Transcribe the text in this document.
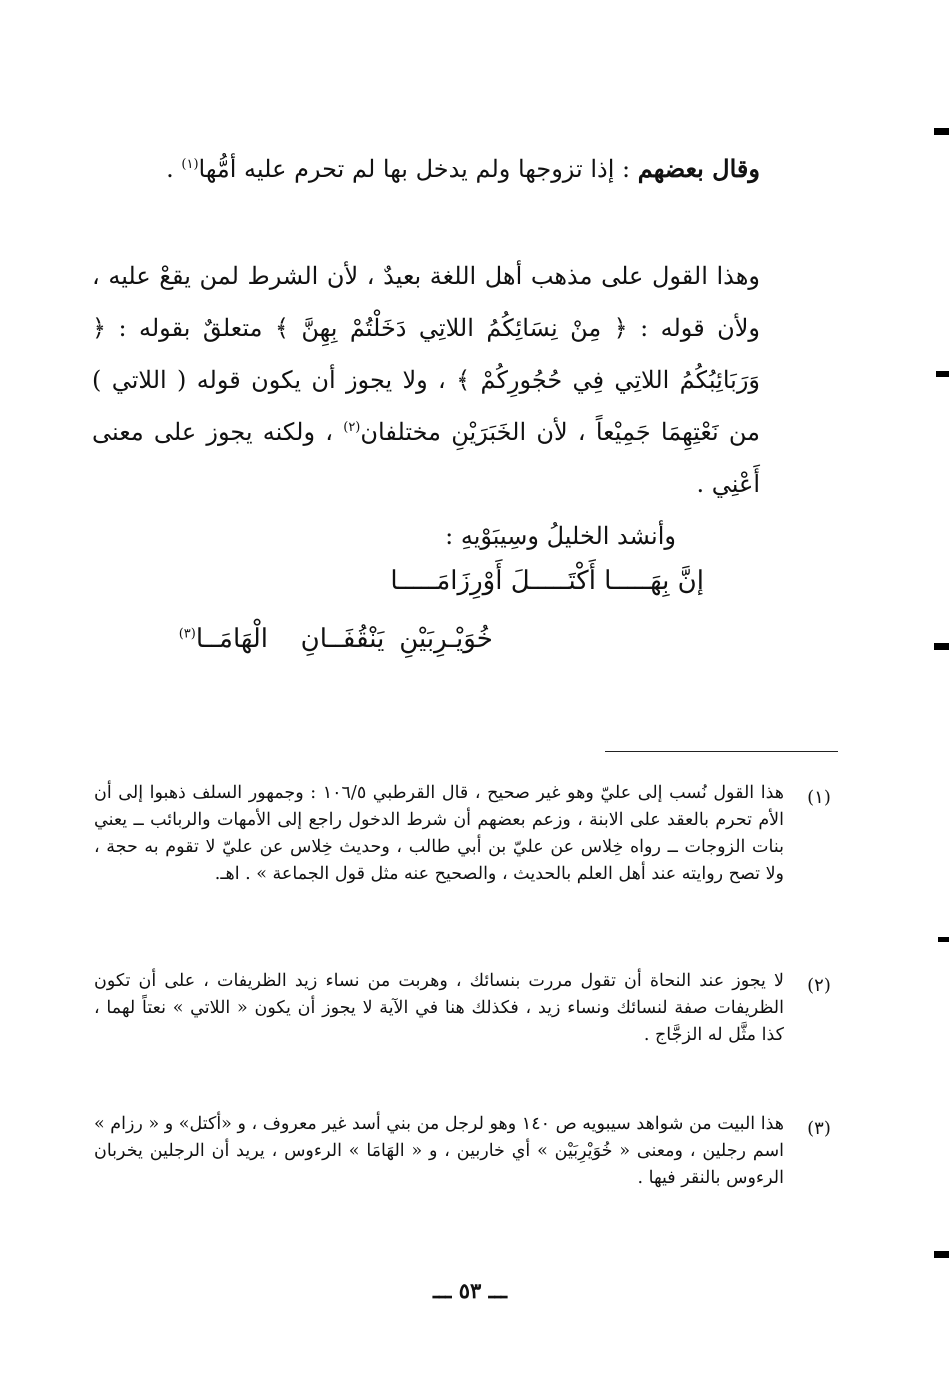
وقال بعضهم : إذا تزوجها ولم يدخل بها لم تحرم عليه أمُّها$^{(١)}$ .
وهذا القول على مذهب أهل اللغة بعيدٌ ، لأن الشرط لمن يقعْ عليه ، ولأن قوله : ﴿ مِنْ نِسَائِكُمُ اللاتِي دَخَلْتُمْ بِهِنَّ ﴾ متعلقٌ بقوله : ﴿ وَرَبَائِبُكُمُ اللاتِي فِي حُجُورِكُمْ ﴾ ، ولا يجوز أن يكون قوله ( اللاتي ) من نَعْتِهِمَا جَمِيْعاً ، لأن الخَبَرَيْنِ مختلفان$^{(٢)}$ ، ولكنه يجوز على معنى أَعْنِي .
وأنشد الخليلُ وسِيبَوْيهِ :
إنَّ بِهَـــــا أَكْتَـــــلَ أَوْرِزَامَـــــا
خُوَيْـرِبَيْنِ
يَنْقُفَــانِ
الْهَامَــا$^{(٣)}$
(١)
هذا القول نُسب إلى عليّ وهو غير صحيح ، قال القرطبي ١٠٦/٥ : وجمهور السلف ذهبوا إلى أن الأم تحرم بالعقد على الابنة ، وزعم بعضهم أن شرط الدخول راجع إلى الأمهات والربائب ــ يعني بنات الزوجات ــ رواه خِلاس عن عليّ بن أبي طالب ، وحديث خِلاس عن عليّ لا تقوم به حجة ، ولا تصح روايته عند أهل العلم بالحديث ، والصحيح عنه مثل قول الجماعة » . اهـ.
(٢)
لا يجوز عند النحاة أن تقول مررت بنسائك ، وهربت من نساء زيد الظريفات ، على أن تكون الظريفات صفة لنسائك ونساء زيد ، فكذلك هنا في الآية لا يجوز أن يكون « اللاتي » نعتاً لهما ، كذا مثَّل له الزجَّاج .
(٣)
هذا البيت من شواهد سيبويه ص ١٤٠ وهو لرجل من بني أسد غير معروف ، و «أكتل» و « رزام » اسم رجلين ، ومعنى « خُوَيْرِبَيْن » أي خاربين ، و « الهَامَا » الرءوس ، يريد أن الرجلين يخربان الرءوس بالنقر فيها .
ـــ ٥٣ ـــ
